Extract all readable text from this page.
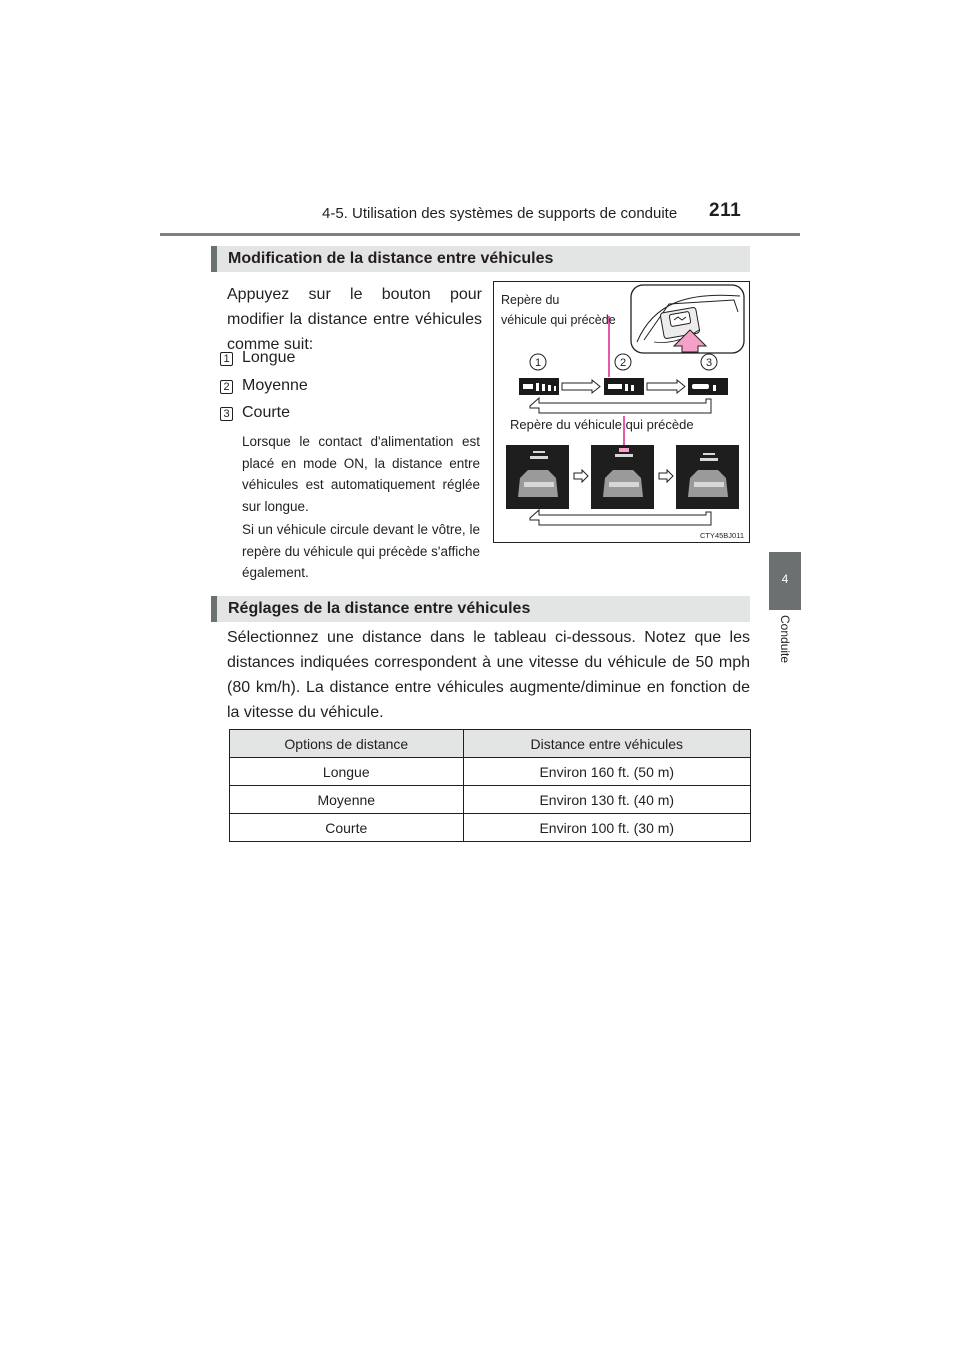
4-5. Utilisation des systèmes de supports de conduite 211
4
Conduite
Modification de la distance entre véhicules
Appuyez sur le bouton pour modifier la distance entre véhicules comme suit:
1 Longue
2 Moyenne
3 Courte
Lorsque le contact d'alimentation est placé en mode ON, la distance entre véhicules est automatiquement réglée sur longue.
Si un véhicule circule devant le vôtre, le repère du véhicule qui précède s'affiche également.
Repère du
véhicule qui précède
1	2	3
Repère du véhicule qui précède
CTY45BJ011
Réglages de la distance entre véhicules
Sélectionnez une distance dans le tableau ci-dessous. Notez que les distances indiquées correspondent à une vitesse du véhicule de 50 mph (80 km/h). La distance entre véhicules augmente/diminue en fonction de la vitesse du véhicule.
Options de distance	Distance entre véhicules
Longue	Environ 160 ft. (50 m)
Moyenne	Environ 130 ft. (40 m)
Courte	Environ 100 ft. (30 m)
